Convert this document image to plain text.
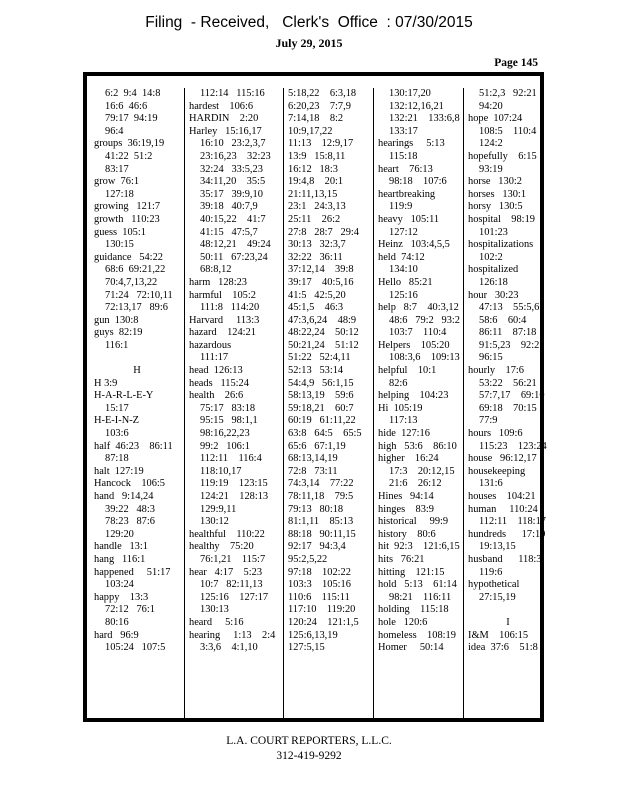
Filing  - Received,   Clerk's  Office  : 07/30/2015
July 29, 2015
Page 145
6:2  9:4  14:8
16:6  46:6
79:17  94:19
96:4
groups  36:19,19
41:22  51:2
83:17
grow  76:1
127:18
growing   121:7
growth   110:23
guess  105:1
130:15
guidance   54:22
68:6  69:21,22
70:4,7,13,22
71:24   72:10,11
72:13,17   89:6
gun  130:8
guys  82:19
116:1
H
H 3:9
H-A-R-L-E-Y
15:17
H-E-I-N-Z
103:6
half  46:23    86:11
87:18
halt  127:19
Hancock    106:5
hand   9:14,24
39:22   48:3
78:23   87:6
129:20
handle   13:1
hang   116:1
happened     51:17
103:24
happy    13:3
72:12   76:1
80:16
hard   96:9
105:24   107:5
112:14   115:16
hardest    106:6
HARDIN    2:20
Harley   15:16,17
16:10   23:2,3,7
23:16,23    32:23
32:24   33:5,23
34:11,20    35:5
35:17   39:9,10
39:18   40:7,9
40:15,22    41:7
41:15   47:5,7
48:12,21    49:24
50:11   67:23,24
68:8,12
harm   128:23
harmful    105:2
111:8   114:20
Harvard     113:3
hazard    124:21
hazardous
111:17
head  126:13
heads   115:24
health    26:6
75:17   83:18
95:15   98:1,1
98:16,22,23
99:2   106:1
112:11    116:4
118:10,17
119:19    123:15
124:21    128:13
129:9,11
130:12
healthful    110:22
healthy    75:20
76:1,21    115:7
hear   4:17    5:23
10:7   82:11,13
125:16    127:17
130:13
heard     5:16
hearing     1:13    2:4
3:3,6    4:1,10
5:18,22    6:3,18
6:20,23    7:7,9
7:14,18    8:2
10:9,17,22
11:13    12:9,17
13:9   15:8,11
16:12   18:3
19:4,8    20:1
21:11,13,15
23:1   24:3,13
25:11    26:2
27:8   28:7   29:4
30:13   32:3,7
32:22   36:11
37:12,14    39:8
39:17    40:5,16
41:5   42:5,20
45:1,5    46:3
47:3,6,24    48:9
48:22,24    50:12
50:21,24    51:12
51:22   52:4,11
52:13   53:14
54:4,9   56:1,15
58:13,19    59:6
59:18,21    60:7
60:19   61:11,22
63:8   64:5    65:5
65:6   67:1,19
68:13,14,19
72:8   73:11
74:3,14    77:22
78:11,18    79:5
79:13   80:18
81:1,11    85:13
88:18   90:11,15
92:17   94:3,4
95:2,5,22
97:18    102:22
103:3    105:16
110:6    115:11
117:10    119:20
120:24    121:1,5
125:6,13,19
127:5,15
130:17,20
132:12,16,21
132:21    133:6,8
133:17
hearings     5:13
115:18
heart    76:13
98:18    107:6
heartbreaking
119:9
heavy   105:11
127:12
Heinz   103:4,5,5
held  74:12
134:10
Hello   85:21
125:16
help   8:7    40:3,12
48:6   79:2   93:2
103:7    110:4
Helpers    105:20
108:3,6    109:13
helpful    10:1
82:6
helping    104:23
Hi  105:19
117:13
hide  127:16
high   53:6    86:10
higher    16:24
17:3    20:12,15
21:6    26:12
Hines   94:14
hinges    83:9
historical     99:9
history    80:6
hit  92:3    121:6,15
hits   76:21
hitting    121:15
hold   5:13    61:14
98:21    116:11
holding    115:18
hole   120:6
homeless    108:19
Homer     50:14
51:2,3   92:21
94:20
hope  107:24
108:5    110:4
124:2
hopefully    6:15
93:19
horse   130:2
horses   130:1
horsy   130:5
hospital    98:19
101:23
hospitalizations
102:2
hospitalized
126:18
hour   30:23
47:13    55:5,6
58:6    60:4
86:11    87:18
91:5,23    92:2
96:15
hourly    17:6
53:22    56:21
57:7,17    69:10
69:18    70:15
77:9
hours   109:6
115:23    123:24
house   96:12,17
housekeeping
131:6
houses    104:21
human     110:24
112:11    118:17
hundreds      17:10
19:13,15
husband      118:3
119:6
hypothetical
27:15,19
I
I&M    106:15
idea  37:6    51:8
L.A. COURT REPORTERS, L.L.C.
312-419-9292
